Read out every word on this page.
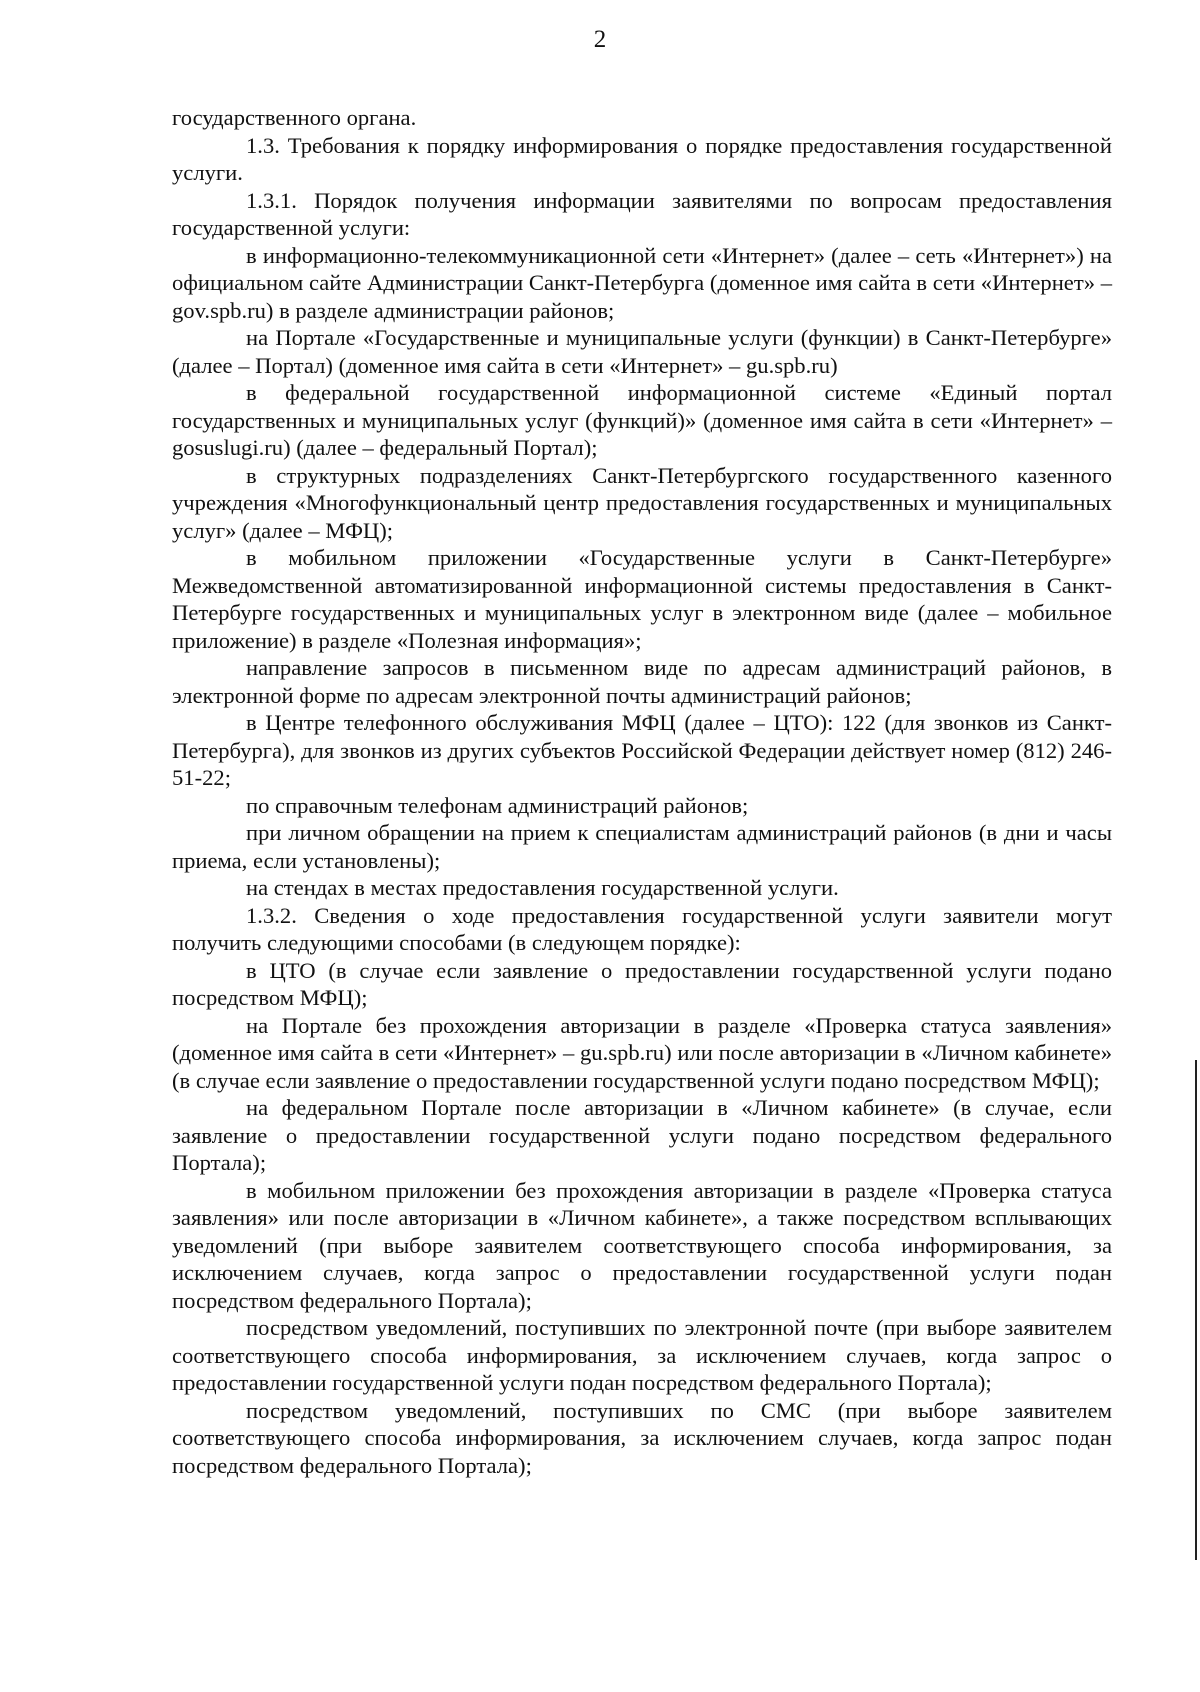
2

государственного органа.

1.3. Требования к порядку информирования о порядке предоставления государственной услуги.

1.3.1. Порядок получения информации заявителями по вопросам предоставления государственной услуги:

в информационно-телекоммуникационной сети «Интернет» (далее – сеть «Интернет») на официальном сайте Администрации Санкт-Петербурга (доменное имя сайта в сети «Интернет» – gov.spb.ru) в разделе администрации районов;

на Портале «Государственные и муниципальные услуги (функции) в Санкт-Петербурге» (далее – Портал) (доменное имя сайта в сети «Интернет» – gu.spb.ru)

в федеральной государственной информационной системе «Единый портал государственных и муниципальных услуг (функций)» (доменное имя сайта в сети «Интернет» – gosuslugi.ru) (далее – федеральный Портал);

в структурных подразделениях Санкт-Петербургского государственного казенного учреждения «Многофункциональный центр предоставления государственных и муниципальных услуг» (далее – МФЦ);

в мобильном приложении «Государственные услуги в Санкт-Петербурге» Межведомственной автоматизированной информационной системы предоставления в Санкт-Петербурге государственных и муниципальных услуг в электронном виде (далее – мобильное приложение) в разделе «Полезная информация»;

направление запросов в письменном виде по адресам администраций районов, в электронной форме по адресам электронной почты администраций районов;

в Центре телефонного обслуживания МФЦ (далее – ЦТО): 122 (для звонков из Санкт-Петербурга), для звонков из других субъектов Российской Федерации действует номер (812) 246-51-22;

по справочным телефонам администраций районов;

при личном обращении на прием к специалистам администраций районов (в дни и часы приема, если установлены);

на стендах в местах предоставления государственной услуги.

1.3.2. Сведения о ходе предоставления государственной услуги заявители могут получить следующими способами (в следующем порядке):

в ЦТО (в случае если заявление о предоставлении государственной услуги подано посредством МФЦ);

на Портале без прохождения авторизации в разделе «Проверка статуса заявления» (доменное имя сайта в сети «Интернет» – gu.spb.ru) или после авторизации в «Личном кабинете» (в случае если заявление о предоставлении государственной услуги подано посредством МФЦ);

на федеральном Портале после авторизации в «Личном кабинете» (в случае, если заявление о предоставлении государственной услуги подано посредством федерального Портала);

в мобильном приложении без прохождения авторизации в разделе «Проверка статуса заявления» или после авторизации в «Личном кабинете», а также посредством всплывающих уведомлений (при выборе заявителем соответствующего способа информирования, за исключением случаев, когда запрос о предоставлении государственной услуги подан посредством федерального Портала);

посредством уведомлений, поступивших по электронной почте (при выборе заявителем соответствующего способа информирования, за исключением случаев, когда запрос о предоставлении государственной услуги подан посредством федерального Портала);

посредством уведомлений, поступивших по СМС (при выборе заявителем соответствующего способа информирования, за исключением случаев, когда запрос подан посредством федерального Портала);
